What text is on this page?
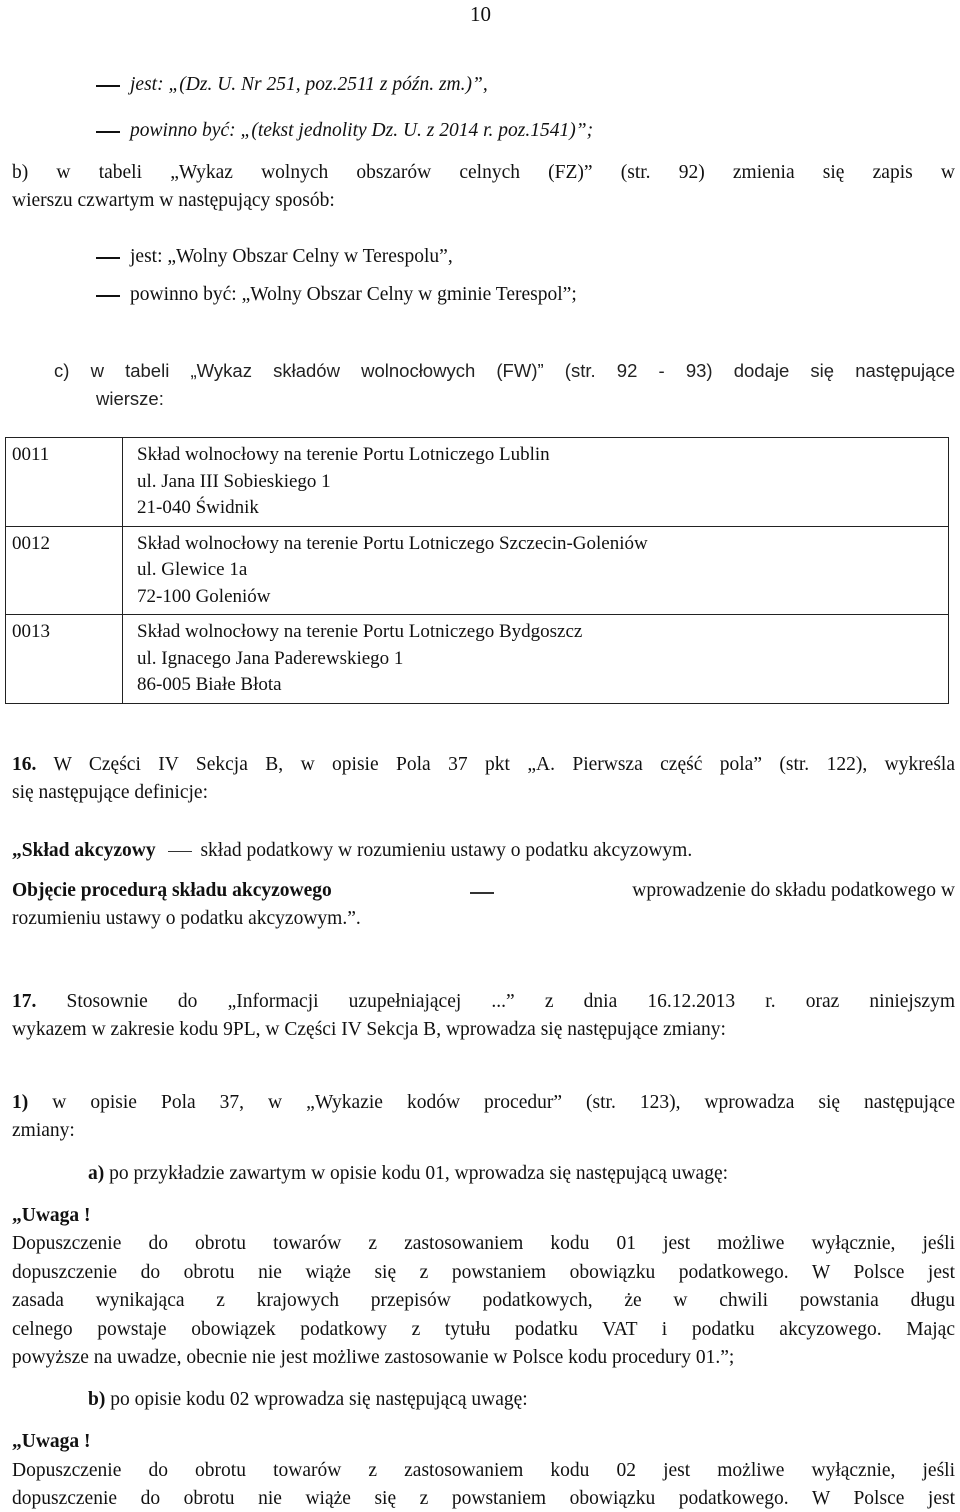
10
jest: „(Dz. U. Nr 251, poz.2511 z późn. zm.)”,
powinno być: „(tekst jednolity Dz. U. z 2014 r. poz.1541)”;
b) w tabeli „Wykaz wolnych obszarów celnych (FZ)” (str. 92) zmienia się zapis w
wierszu czwartym w następujący sposób:
jest: „Wolny Obszar Celny w Terespolu”,
powinno być: „Wolny Obszar Celny w gminie Terespol”;
c) w tabeli „Wykaz składów wolnocłowych (FW)” (str. 92 - 93) dodaje się następujące
wiersze:
0011	Skład wolnocłowy na terenie Portu Lotniczego Lublin
ul. Jana III Sobieskiego 1
21-040 Świdnik

0012	Skład wolnocłowy na terenie Portu Lotniczego Szczecin-Goleniów
ul. Glewice 1a
72-100 Goleniów

0013	Skład wolnocłowy na terenie Portu Lotniczego Bydgoszcz
ul. Ignacego Jana Paderewskiego 1
86-005 Białe Błota
16. W Części IV Sekcja B, w opisie Pola 37 pkt „A. Pierwsza część pola” (str. 122), wykreśla
się następujące definicje:
„Skład akcyzowy skład podatkowy w rozumieniu ustawy o podatku akcyzowym.
Objęcie procedurą składu akcyzowego	wprowadzenie do składu podatkowego w
rozumieniu ustawy o podatku akcyzowym.”.
17. Stosownie do „Informacji uzupełniającej ...” z dnia 16.12.2013 r. oraz niniejszym
wykazem w zakresie kodu 9PL, w Części IV Sekcja B, wprowadza się następujące zmiany:
1) w opisie Pola 37, w „Wykazie kodów procedur” (str. 123), wprowadza się następujące
zmiany:
a) po przykładzie zawartym w opisie kodu 01, wprowadza się następującą uwagę:
„Uwaga !
Dopuszczenie do obrotu towarów z zastosowaniem kodu 01 jest możliwe wyłącznie, jeśli
dopuszczenie do obrotu nie wiąże się z powstaniem obowiązku podatkowego. W Polsce jest
zasada wynikająca z krajowych przepisów podatkowych, że w chwili powstania długu
celnego powstaje obowiązek podatkowy z tytułu podatku VAT i podatku akcyzowego. Mając
powyższe na uwadze, obecnie nie jest możliwe zastosowanie w Polsce kodu procedury 01.”;
b) po opisie kodu 02 wprowadza się następującą uwagę:
„Uwaga !
Dopuszczenie do obrotu towarów z zastosowaniem kodu 02 jest możliwe wyłącznie, jeśli
dopuszczenie do obrotu nie wiąże się z powstaniem obowiązku podatkowego. W Polsce jest
